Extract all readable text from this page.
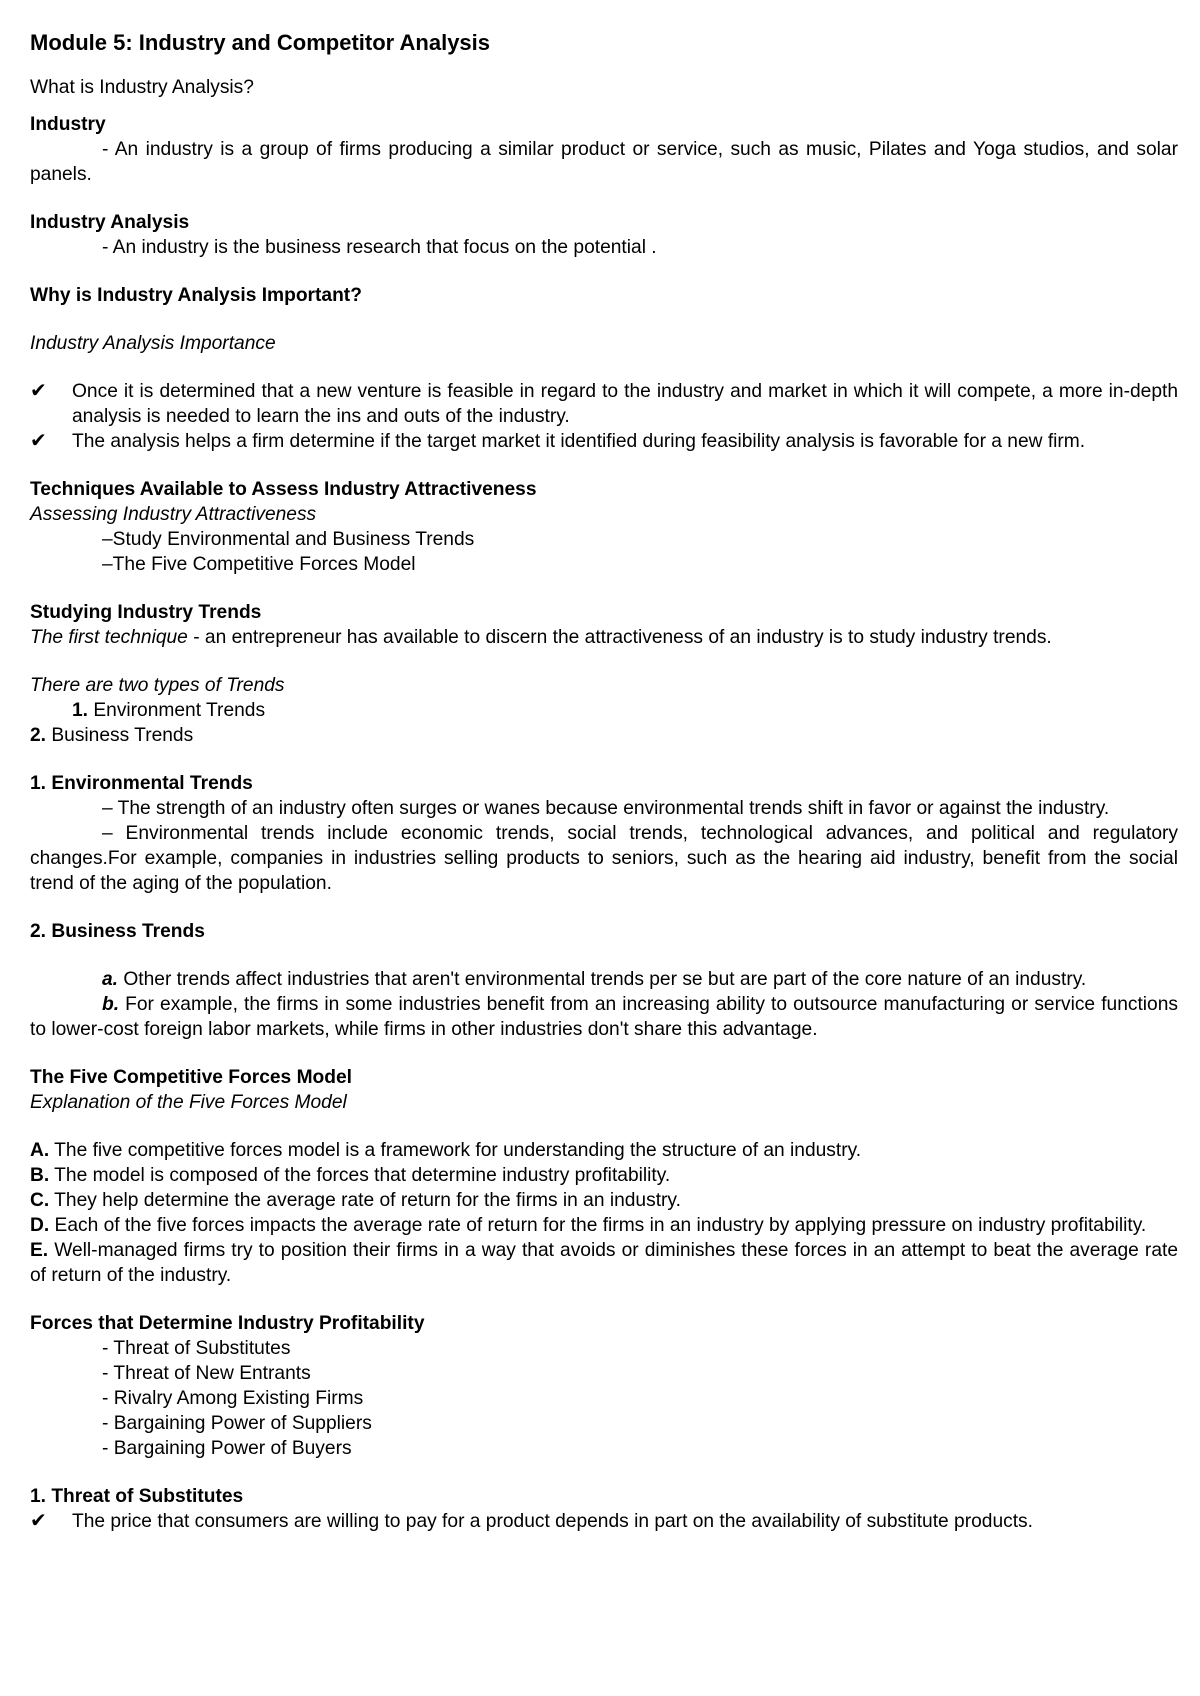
Module 5: Industry and Competitor Analysis

What is Industry Analysis?

Industry

- An industry is a group of firms producing a similar product or service, such as music, Pilates and Yoga studios, and solar panels.

Industry Analysis

- An industry is the business research that focus on the potential .

Why is Industry Analysis Important?

Industry Analysis Importance

✔ Once it is determined that a new venture is feasible in regard to the industry and market in which it will compete, a more in-depth analysis is needed to learn the ins and outs of the industry.
✔ The analysis helps a firm determine if the target market it identified during feasibility analysis is favorable for a new firm.

Techniques Available to Assess Industry Attractiveness

Assessing Industry Attractiveness

–Study Environmental and Business Trends
–The Five Competitive Forces Model

Studying Industry Trends

The first technique - an entrepreneur has available to discern the attractiveness of an industry is to study industry trends.

There are two types of Trends

1. Environment Trends

2. Business Trends

1. Environmental Trends

– The strength of an industry often surges or wanes because environmental trends shift in favor or against the industry.

– Environmental trends include economic trends, social trends, technological advances, and political and regulatory changes.For example, companies in industries selling products to seniors, such as the hearing aid industry, benefit from the social trend of the aging of the population.

2. Business Trends

a. Other trends affect industries that aren't environmental trends per se but are part of the core nature of an industry.

b. For example, the firms in some industries benefit from an increasing ability to outsource manufacturing or service functions to lower-cost foreign labor markets, while firms in other industries don't share this advantage.

The Five Competitive Forces Model

Explanation of the Five Forces Model

A. The five competitive forces model is a framework for understanding the structure of an industry.

B. The model is composed of the forces that determine industry profitability.

C. They help determine the average rate of return for the firms in an industry.

D. Each of the five forces impacts the average rate of return for the firms in an industry by applying pressure on industry profitability.

E. Well-managed firms try to position their firms in a way that avoids or diminishes these forces in an attempt to beat the average rate of return of the industry.

Forces that Determine Industry Profitability

- Threat of Substitutes
- Threat of New Entrants
- Rivalry Among Existing Firms
- Bargaining Power of Suppliers
- Bargaining Power of Buyers

1. Threat of Substitutes

✔ The price that consumers are willing to pay for a product depends in part on the availability of substitute products.
